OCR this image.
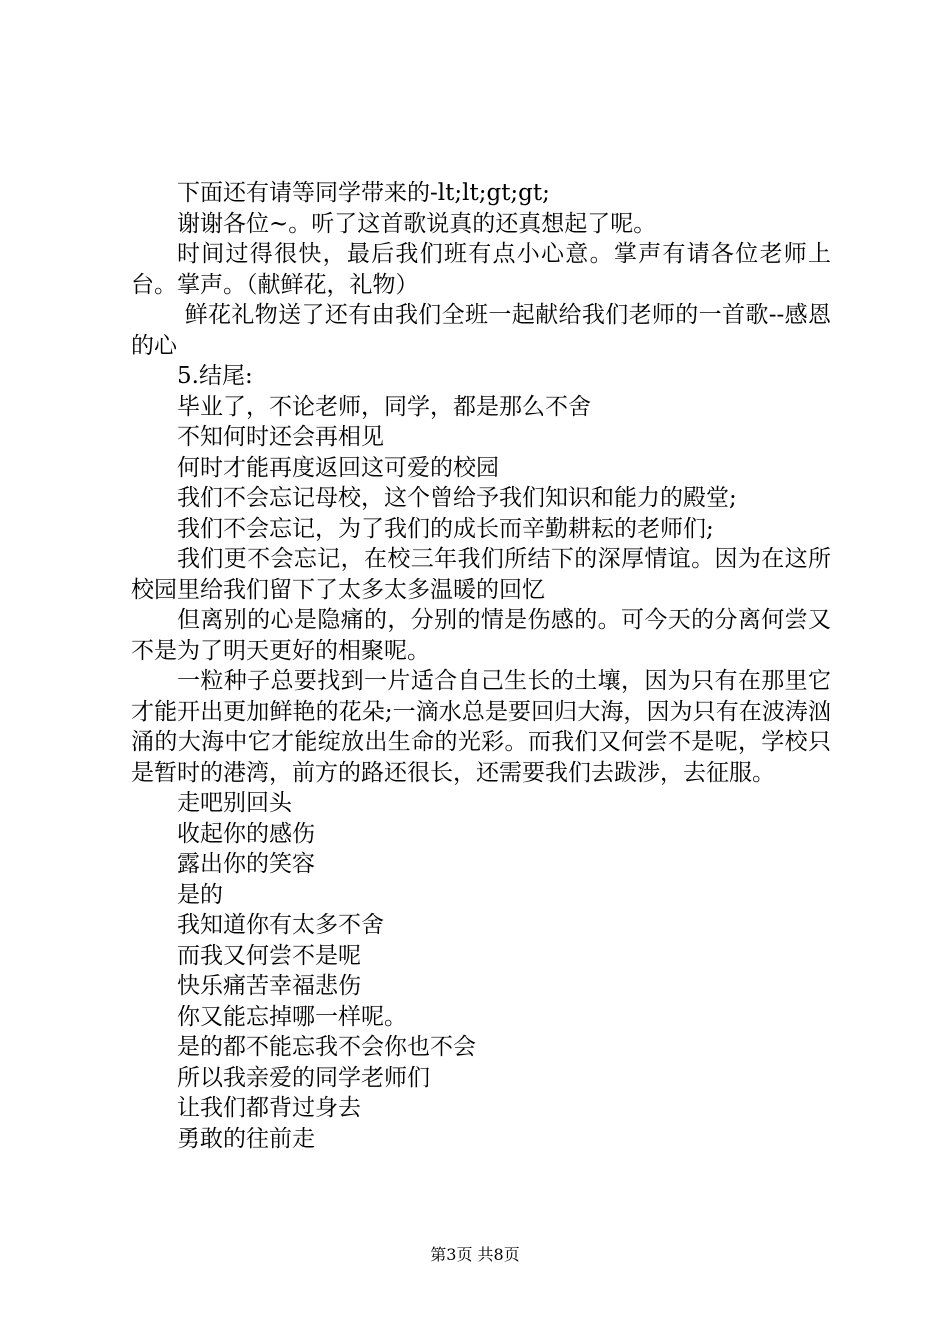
下面还有请等同学带来的-lt;lt;gt;gt;

谢谢各位~。听了这首歌说真的还真想起了呢。

时间过得很快，最后我们班有点小心意。掌声有请各位老师上台。掌声。（献鲜花，礼物）

鲜花礼物送了还有由我们全班一起献给我们老师的一首歌--感恩的心

5.结尾:

毕业了，不论老师，同学，都是那么不舍

不知何时还会再相见

何时才能再度返回这可爱的校园

我们不会忘记母校，这个曾给予我们知识和能力的殿堂;

我们不会忘记，为了我们的成长而辛勤耕耘的老师们;

我们更不会忘记，在校三年我们所结下的深厚情谊。因为在这所校园里给我们留下了太多太多温暖的回忆

但离别的心是隐痛的，分别的情是伤感的。可今天的分离何尝又不是为了明天更好的相聚呢。

一粒种子总要找到一片适合自己生长的土壤，因为只有在那里它才能开出更加鲜艳的花朵;一滴水总是要回归大海，因为只有在波涛汹涌的大海中它才能绽放出生命的光彩。而我们又何尝不是呢，学校只是暂时的港湾，前方的路还很长，还需要我们去跋涉，去征服。

走吧别回头
收起你的感伤
露出你的笑容
是的
我知道你有太多不舍
而我又何尝不是呢
快乐痛苦幸福悲伤
你又能忘掉哪一样呢。
是的都不能忘我不会你也不会
所以我亲爱的同学老师们
让我们都背过身去
勇敢的往前走
第3页 共8页
